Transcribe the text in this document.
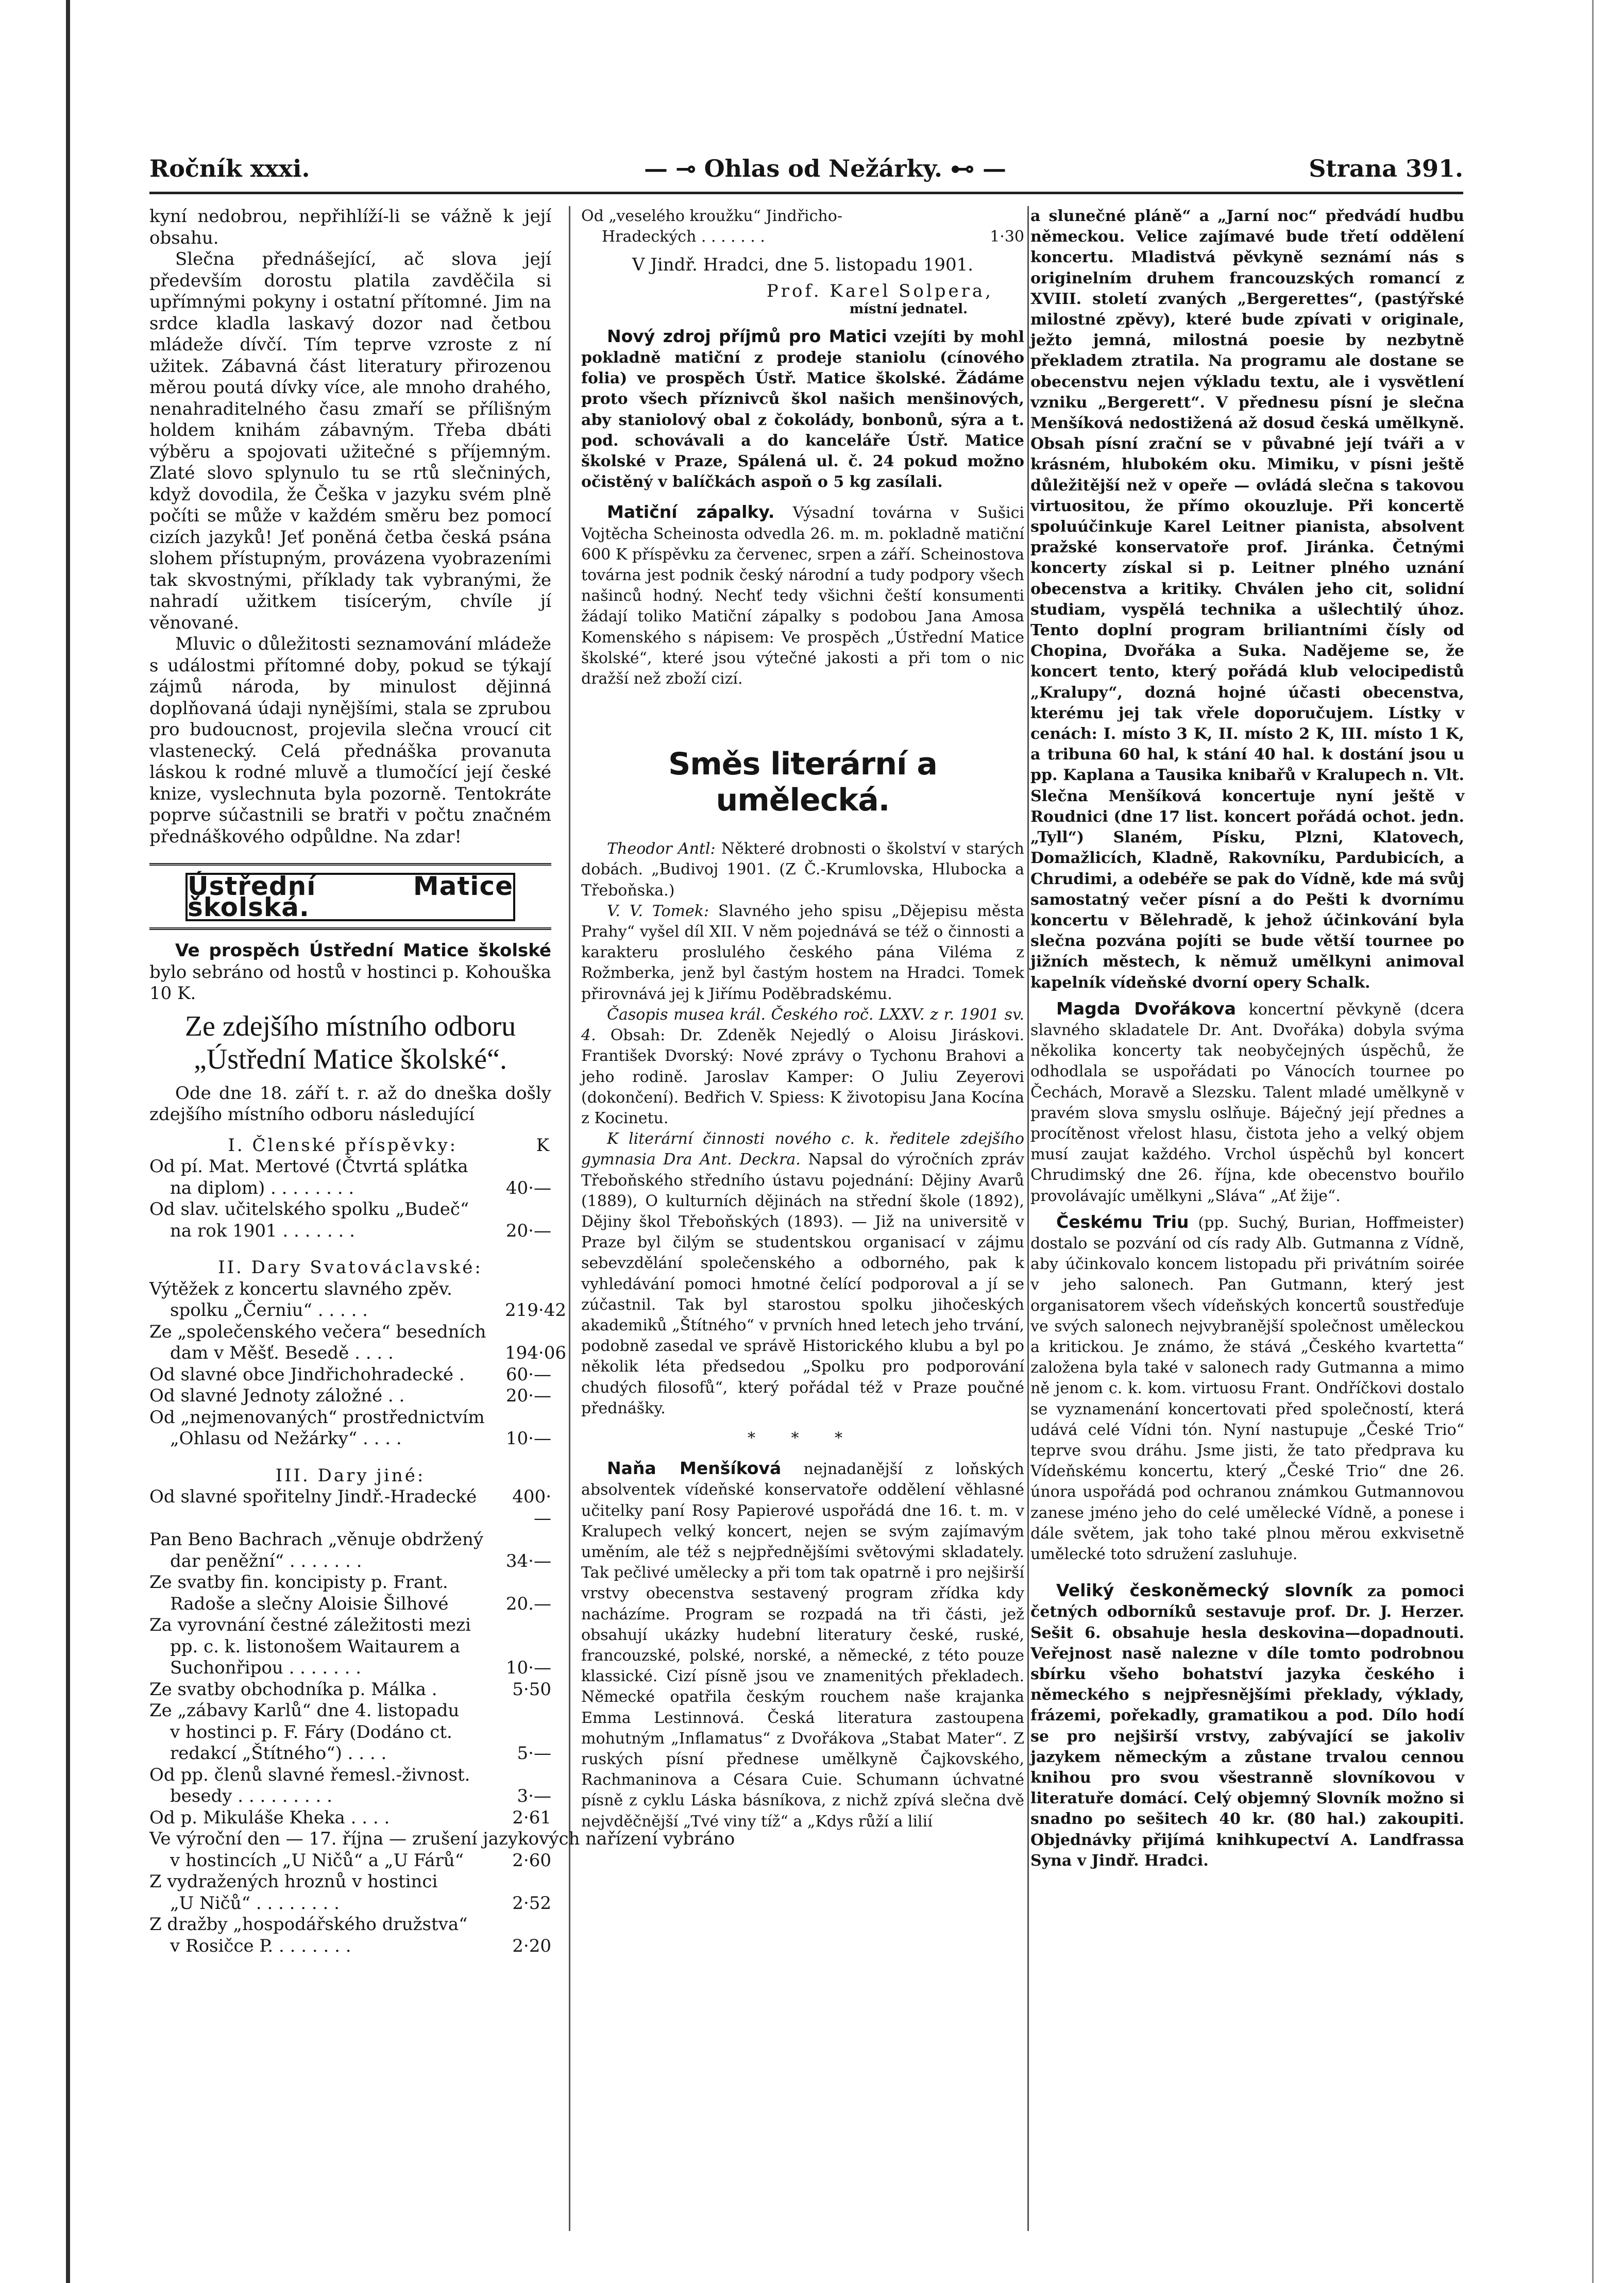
Ročník xxxi.	— ⊸ Ohlas od Nežárky. ⊷ —	Strana 391.

kyní nedobrou, nepřihlíží-li se vážně k její obsahu.

Slečna přednášející, ač slova její především dorostu platila zavděčila si upřímnými pokyny i ostatní přítomné. Jim na srdce kladla laskavý dozor nad četbou mládeže dívčí. Tím teprve vzroste z ní užitek. Zábavná část literatury přirozenou měrou poutá dívky více, ale mnoho drahého, nenahraditelného času zmaří se přílišným holdem knihám zábavným. Třeba dbáti výběru a spojovati užitečné s příjemným. Zlaté slovo splynulo tu se rtů slečniných, když dovodila, že Češka v jazyku svém plně počíti se může v každém směru bez pomocí cizích jazyků! Jeť poněná četba česká psána slohem přístupným, provázena vyobrazeními tak skvostnými, příklady tak vybranými, že nahradí užitkem tisícerým, chvíle jí věnované.

Mluvic o důležitosti seznamování mládeže s událostmi přítomné doby, pokud se týkají zájmů národa, by minulost dějinná doplňovaná údaji nynějšími, stala se zprubou pro budoucnost, projevila slečna vroucí cit vlastenecký. Celá přednáška provanuta láskou k rodné mluvě a tlumočící její české knize, vyslechnuta byla pozorně. Tentokráte poprve súčastnili se bratři v počtu značném přednáškového odpůldne. Na zdar!

Ústřední Matice školská.

Ve prospěch Ústřední Matice školské bylo sebráno od hostů v hostinci p. Kohouška 10 K.

Ze zdejšího místního odboru „Ústřední Matice školské“.

Ode dne 18. září t. r. až do dneška došly zdejšího místního odboru následující

I. Členské příspěvky:	K
Od pí. Mat. Mertové (Čtvrtá splátka
na diplom) . . . . . . . .	40·—
Od slav. učitelského spolku „Budeč“
na rok 1901 . . . . . . .	20·—
II. Dary Svatováclavské:
Výtěžek z koncertu slavného zpěv.
spolku „Černiu“ . . . . .	219·42
Ze „společenského večera“ besedních
dam v Měšť. Besedě . . . .	194·06
Od slavné obce Jindřichohradecké .	60·—
Od slavné Jednoty záložné . .	20·—
Od „nejmenovaných“ prostřednictvím
„Ohlasu od Nežárky“ . . . .	10·—
III. Dary jiné:
Od slavné spořitelny Jindř.-Hradecké	400·—
Pan Beno Bachrach „věnuje obdržený
dar peněžní“ . . . . . . .	34·—
Ze svatby fin. koncipisty p. Frant.
Radoše a slečny Aloisie Šilhové	20.—
Za vyrovnání čestné záležitosti mezi
pp. c. k. listonošem Waitaurem a
Suchonřipou . . . . . . .	10·—
Ze svatby obchodníka p. Málka .	5·50
Ze „zábavy Karlů“ dne 4. listopadu
v hostinci p. F. Fáry (Dodáno ct.
redakcí „Štítného“) . . . .	5·—
Od pp. členů slavné řemesl.-živnost.
besedy . . . . . . . . .	3·—
Od p. Mikuláše Kheka . . . .	2·61
Ve výroční den — 17. října — zrušení jazykových nařízení vybráno
v hostincích „U Ničů“ a „U Fárů“	2·60
Z vydražených hroznů v hostinci
„U Ničů“ . . . . . . . .	2·52
Z dražby „hospodářského družstva“
v Rosičce P. . . . . . . .	2·20
Od „veselého kroužku“ Jindřicho-
Hradeckých . . . . . . .	1·30

V Jindř. Hradci, dne 5. listopadu 1901.

Prof. Karel Solpera,

místní jednatel.

Nový zdroj příjmů pro Matici vzejíti by mohl pokladně matiční z prodeje staniolu (cínového folia) ve prospěch Ústř. Matice školské. Žádáme proto všech příznivců škol našich menšinových, aby staniolový obal z čokolády, bonbonů, sýra a t. pod. schovávali a do kanceláře Ústř. Matice školské v Praze, Spálená ul. č. 24 pokud možno očistěný v balíčkách aspoň o 5 kg zasílali.

Matiční zápalky. Výsadní továrna v Sušici Vojtěcha Scheinosta odvedla 26. m. m. pokladně matiční 600 K příspěvku za červenec, srpen a září. Scheinostova továrna jest podnik český národní a tudy podpory všech našinců hodný. Nechť tedy všichni čeští konsumenti žádají toliko Matiční zápalky s podobou Jana Amosa Komenského s nápisem: Ve prospěch „Ústřední Matice školské“, které jsou výtečné jakosti a při tom o nic dražší než zboží cizí.

Směs literární a umělecká.

Theodor Antl: Některé drobnosti o školství v starých dobách. „Budivoj 1901. (Z Č.-Krumlovska, Hlubocka a Třeboňska.)

V. V. Tomek: Slavného jeho spisu „Dějepisu města Prahy“ vyšel díl XII. V něm pojednává se též o činnosti a karakteru proslulého českého pána Viléma z Rožmberka, jenž byl častým hostem na Hradci. Tomek přirovnává jej k Jiřímu Poděbradskému.

Časopis musea král. Českého roč. LXXV. z r. 1901 sv. 4. Obsah: Dr. Zdeněk Nejedlý o Aloisu Jiráskovi. František Dvorský: Nové zprávy o Tychonu Brahovi a jeho rodině. Jaroslav Kamper: O Juliu Zeyerovi (dokončení). Bedřich V. Spiess: K životopisu Jana Kocína z Kocinetu.

K literární činnosti nového c. k. ředitele zdejšího gymnasia Dra Ant. Deckra. Napsal do výročních zpráv Třeboňského středního ústavu pojednání: Dějiny Avarů (1889), O kulturních dějinách na střední škole (1892), Dějiny škol Třeboňských (1893). — Již na universitě v Praze byl čilým se studentskou organisací v zájmu sebevzdělání společenského a odborného, pak k vyhledávání pomoci hmotné čelící podporoval a jí se zúčastnil. Tak byl starostou spolku jihočeských akademiků „Štítného“ v prvních hned letech jeho trvání, podobně zasedal ve správě Historického klubu a byl po několik léta předsedou „Spolku pro podporování chudých filosofů“, který pořádal též v Praze poučné přednášky.

* * *

Naňa Menšíková nejnadanější z loňských absolventek vídeňské konservatoře oddělení věhlasné učitelky paní Rosy Papierové uspořádá dne 16. t. m. v Kralupech velký koncert, nejen se svým zajímavým uměním, ale též s nejpřednějšími světovými skladately. Tak pečlivé umělecky a při tom tak opatrně i pro nejširší vrstvy obecenstva sestavený program zřídka kdy nacházíme. Program se rozpadá na tři části, jež obsahují ukázky hudební literatury české, ruské, francouzské, polské, norské, a německé, z této pouze klassické. Cizí písně jsou ve znamenitých překladech. Německé opatřila českým rouchem naše krajanka Emma Lestinnová. Česká literatura zastoupena mohutným „Inflamatus“ z Dvořákova „Stabat Mater“. Z ruských písní přednese umělkyně Čajkovského, Rachmaninova a Césara Cuie. Schumann úchvatné písně z cyklu Láska básníkova, z nichž zpívá slečna dvě nejvděčnější „Tvé viny tíž“ a „Kdys růží a lilií

a slunečné pláně“ a „Jarní noc“ předvádí hudbu německou. Velice zajímavé bude třetí oddělení koncertu. Mladistvá pěvkyně seznámí nás s originelním druhem francouzských romancí z XVIII. století zvaných „Bergerettes“, (pastýřské milostné zpěvy), které bude zpívati v originale, ježto jemná, milostná poesie by nezbytně překladem ztratila. Na programu ale dostane se obecenstvu nejen výkladu textu, ale i vysvětlení vzniku „Bergerett“. V přednesu písní je slečna Menšíková nedostižená až dosud česká umělkyně. Obsah písní zrační se v půvabné její tváři a v krásném, hlubokém oku. Mimiku, v písni ještě důležitější než v opeře — ovládá slečna s takovou virtuositou, že přímo okouzluje. Při koncertě spoluúčinkuje Karel Leitner pianista, absolvent pražské konservatoře prof. Jiránka. Četnými koncerty získal si p. Leitner plného uznání obecenstva a kritiky. Chválen jeho cit, solidní studiam, vyspělá technika a ušlechtilý úhoz. Tento doplní program briliantními čísly od Chopina, Dvořáka a Suka. Nadějeme se, že koncert tento, který pořádá klub velocipedistů „Kralupy“, dozná hojné účasti obecenstva, kterému jej tak vřele doporučujem. Lístky v cenách: I. místo 3 K, II. místo 2 K, III. místo 1 K, a tribuna 60 hal, k stání 40 hal. k dostání jsou u pp. Kaplana a Tausika knibařů v Kralupech n. Vlt. Slečna Menšíková koncertuje nyní ještě v Roudnici (dne 17 list. koncert pořádá ochot. jedn. „Tyll“) Slaném, Písku, Plzni, Klatovech, Domažlicích, Kladně, Rakovníku, Pardubicích, a Chrudimi, a odebéře se pak do Vídně, kde má svůj samostatný večer písní a do Pešti k dvornímu koncertu v Bělehradě, k jehož účinkování byla slečna pozvána pojíti se bude větší tournee po jižních městech, k němuž umělkyni animoval kapelník vídeňské dvorní opery Schalk.

Magda Dvořákova koncertní pěvkyně (dcera slavného skladatele Dr. Ant. Dvořáka) dobyla svýma několika koncerty tak neobyčejných úspěchů, že odhodlala se uspořádati po Vánocích tournee po Čechách, Moravě a Slezsku. Talent mladé umělkyně v pravém slova smyslu oslňuje. Báječný její přednes a procítěnost vřelost hlasu, čistota jeho a velký objem musí zaujat každého. Vrchol úspěchů byl koncert Chrudimský dne 26. října, kde obecenstvo bouřilo provolávajíc umělkyni „Sláva“ „Ať žije“.

Českému Triu (pp. Suchý, Burian, Hoffmeister) dostalo se pozvání od cís rady Alb. Gutmanna z Vídně, aby účinkovalo koncem listopadu při privátním soirée v jeho salonech. Pan Gutmann, který jest organisatorem všech vídeňských koncertů soustřeďuje ve svých salonech nejvybranější společnost uměleckou a kritickou. Je známo, že stává „Českého kvartetta“ založena byla také v salonech rady Gutmanna a mimo ně jenom c. k. kom. virtuosu Frant. Ondříčkovi dostalo se vyznamenání koncertovati před společností, která udává celé Vídni tón. Nyní nastupuje „České Trio“ teprve svou dráhu. Jsme jisti, že tato předprava ku Vídeňskému koncertu, který „České Trio“ dne 26. února uspořádá pod ochranou známkou Gutmannovou zanese jméno jeho do celé umělecké Vídně, a ponese i dále světem, jak toho také plnou měrou exkvisetně umělecké toto sdružení zasluhuje.

Veliký českoněmecký slovník za pomoci četných odborníků sestavuje prof. Dr. J. Herzer. Sešit 6. obsahuje hesla deskovina—dopadnouti. Veřejnost nasě nalezne v díle tomto podrobnou sbírku všeho bohatství jazyka českého i německého s nejpřesnějšími překlady, výklady, frázemi, pořekadly, gramatikou a pod. Dílo hodí se pro nejširší vrstvy, zabývající se jakoliv jazykem německým a zůstane trvalou cennou knihou pro svou všestranně slovníkovou v literatuře domácí. Celý objemný Slovník možno si snadno po sešitech 40 kr. (80 hal.) zakoupiti. Objednávky přijímá knihkupectví A. Landfrassa Syna v Jindř. Hradci.
